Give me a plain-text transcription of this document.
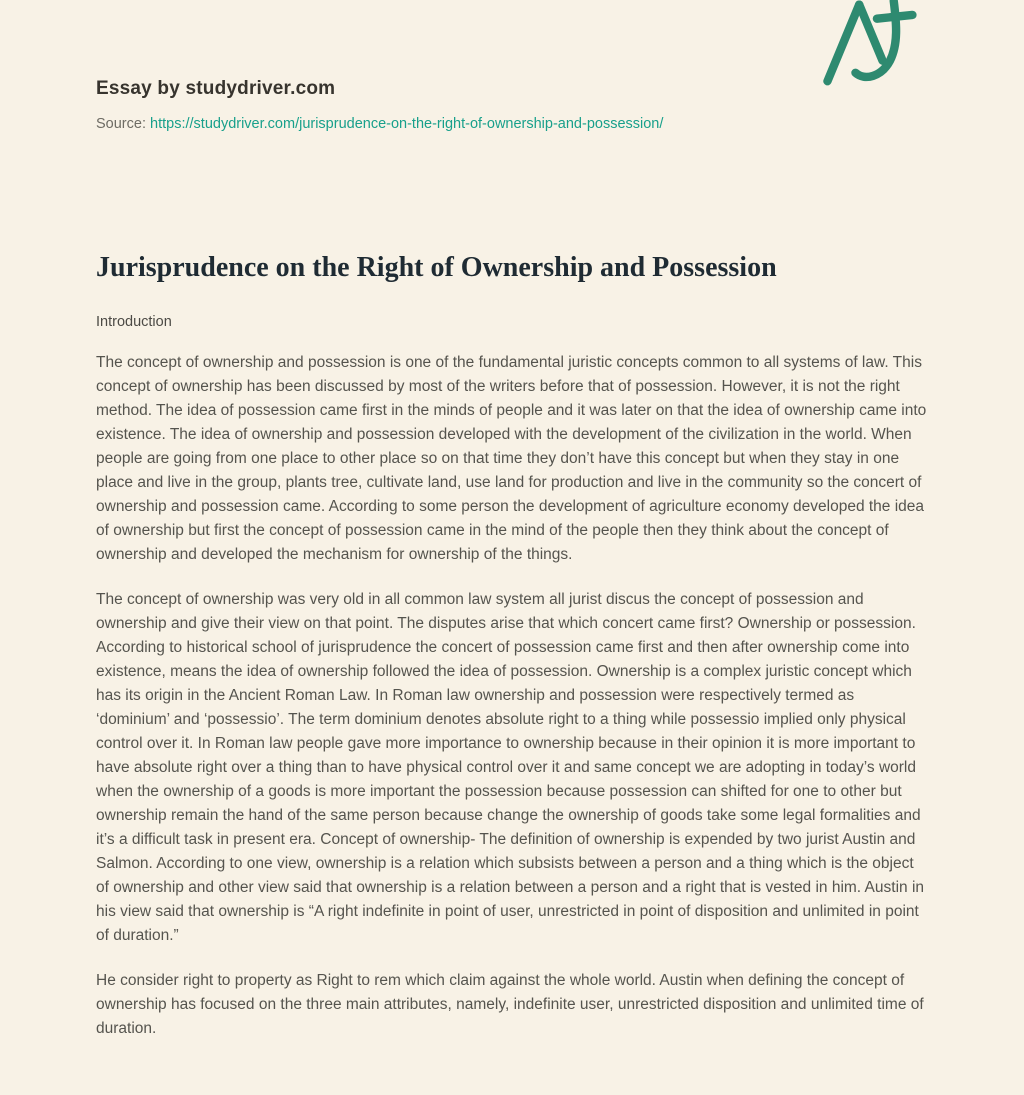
Essay by studydriver.com

Source: https://studydriver.com/jurisprudence-on-the-right-of-ownership-and-possession/

Jurisprudence on the Right of Ownership and Possession

Introduction

The concept of ownership and possession is one of the fundamental juristic concepts common to all systems of law. This concept of ownership has been discussed by most of the writers before that of possession. However, it is not the right method. The idea of possession came first in the minds of people and it was later on that the idea of ownership came into existence. The idea of ownership and possession developed with the development of the civilization in the world. When people are going from one place to other place so on that time they don’t have this concept but when they stay in one place and live in the group, plants tree, cultivate land, use land for production and live in the community so the concert of ownership and possession came. According to some person the development of agriculture economy developed the idea of ownership but first the concept of possession came in the mind of the people then they think about the concept of ownership and developed the mechanism for ownership of the things.

The concept of ownership was very old in all common law system all jurist discus the concept of possession and ownership and give their view on that point. The disputes arise that which concert came first? Ownership or possession. According to historical school of jurisprudence the concert of possession came first and then after ownership come into existence, means the idea of ownership followed the idea of possession. Ownership is a complex juristic concept which has its origin in the Ancient Roman Law. In Roman law ownership and possession were respectively termed as ‘dominium’ and ‘possessio’. The term dominium denotes absolute right to a thing while possessio implied only physical control over it. In Roman law people gave more importance to ownership because in their opinion it is more important to have absolute right over a thing than to have physical control over it and same concept we are adopting in today’s world when the ownership of a goods is more important the possession because possession can shifted for one to other but ownership remain the hand of the same person because change the ownership of goods take some legal formalities and it’s a difficult task in present era. Concept of ownership- The definition of ownership is expended by two jurist Austin and Salmon. According to one view, ownership is a relation which subsists between a person and a thing which is the object of ownership and other view said that ownership is a relation between a person and a right that is vested in him. Austin in his view said that ownership is “A right indefinite in point of user, unrestricted in point of disposition and unlimited in point of duration.”

He consider right to property as Right to rem which claim against the whole world. Austin when defining the concept of ownership has focused on the three main attributes, namely, indefinite user, unrestricted disposition and unlimited time of duration.
